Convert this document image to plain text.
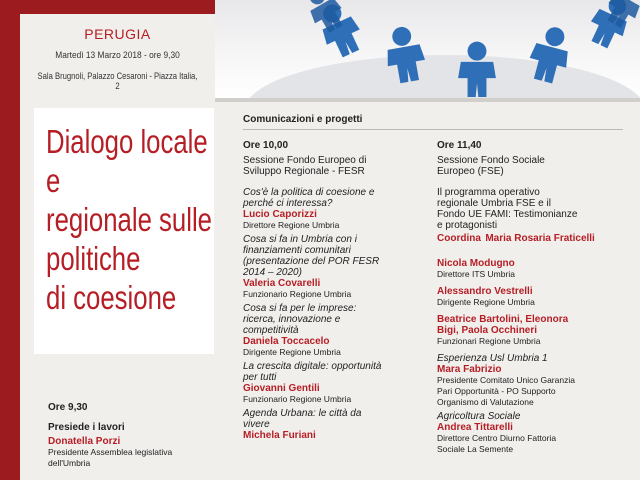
PERUGIA
Martedì 13 Marzo 2018 - ore 9,30
Sala Brugnoli, Palazzo Cesaroni - Piazza Italia, 2
Dialogo locale
e
regionale sulle
politiche
di coesione
Ore 9,30
Presiede i lavori
Donatella Porzi
Presidente Assemblea legislativa
dell'Umbria
Comunicazioni e progetti
Ore 10,00
Sessione Fondo Europeo di
Sviluppo Regionale - FESR
Cos'è la politica di coesione e
perché ci interessa?
Lucio Caporizzi
Direttore Regione Umbria
Cosa si fa in Umbria con i
finanziamenti comunitari
(presentazione del POR FESR
2014 – 2020)
Valeria Covarelli
Funzionario Regione Umbria
Cosa si fa per le imprese:
ricerca, innovazione e
competitività
Daniela Toccacelo
Dirigente Regione Umbria
La crescita digitale: opportunità
per tutti
Giovanni Gentili
Funzionario Regione Umbria
Agenda Urbana: le città da
vivere
Michela Furiani
Ore 11,40
Sessione Fondo Sociale
Europeo (FSE)
Il programma operativo
regionale Umbria FSE e il
Fondo UE FAMI: Testimonianze
e protagonisti
Coordina Maria Rosaria Fraticelli
Nicola Modugno
Direttore ITS Umbria
Alessandro Vestrelli
Dirigente Regione Umbria
Beatrice Bartolini, Eleonora
Bigi, Paola Occhineri
Funzionari Regione Umbria
Esperienza Usl Umbria 1
Mara Fabrizio
Presidente Comitato Unico Garanzia
Pari Opportunità - PO Supporto
Organismo di Valutazione
Agricoltura Sociale
Andrea Tittarelli
Direttore Centro Diurno Fattoria
Sociale La Semente
